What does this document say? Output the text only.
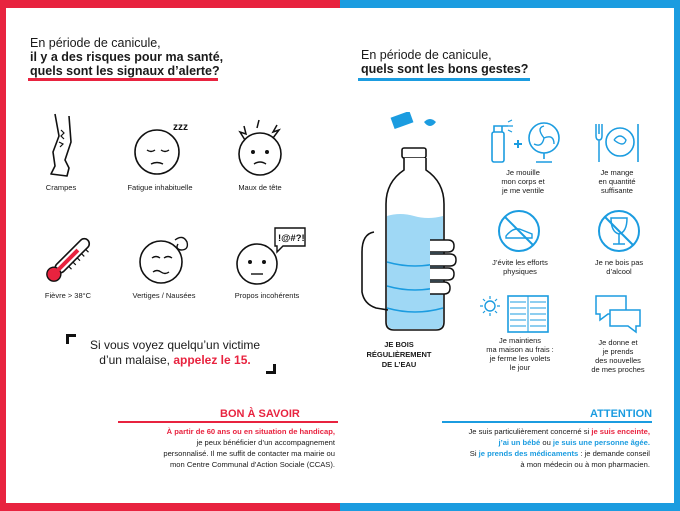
En période de canicule,
il y a des risques pour ma santé,
quels sont les signaux d’alerte?
En période de canicule,
quels sont les bons gestes?
Crampes
zzz
Fatigue inhabituelle	Maux de tête
Fièvre > 38°C	Vertiges / Nausées
!@#?!
Propos incohérents
Si vous voyez quelqu’un victime d’un malaise, appelez le 15.
JE BOIS
RÉGULIÈREMENT
DE L’EAU
Je mouille
mon corps et
je me ventile
Je mange
en quantité
suffisante
J’évite les efforts
physiques
Je ne bois pas
d’alcool
Je maintiens
ma maison au frais :
je ferme les volets
le jour
Je donne et
je prends
des nouvelles
de mes proches
BON À SAVOIR
À partir de 60 ans ou en situation de handicap,
je peux bénéficier d’un accompagnement
personnalisé. Il me suffit de contacter ma mairie ou
mon Centre Communal d’Action Sociale (CCAS).
ATTENTION
Je suis particulièrement concerné si je suis enceinte,
j’ai un bébé ou je suis une personne âgée.
Si je prends des médicaments : je demande conseil
à mon médecin ou à mon pharmacien.
